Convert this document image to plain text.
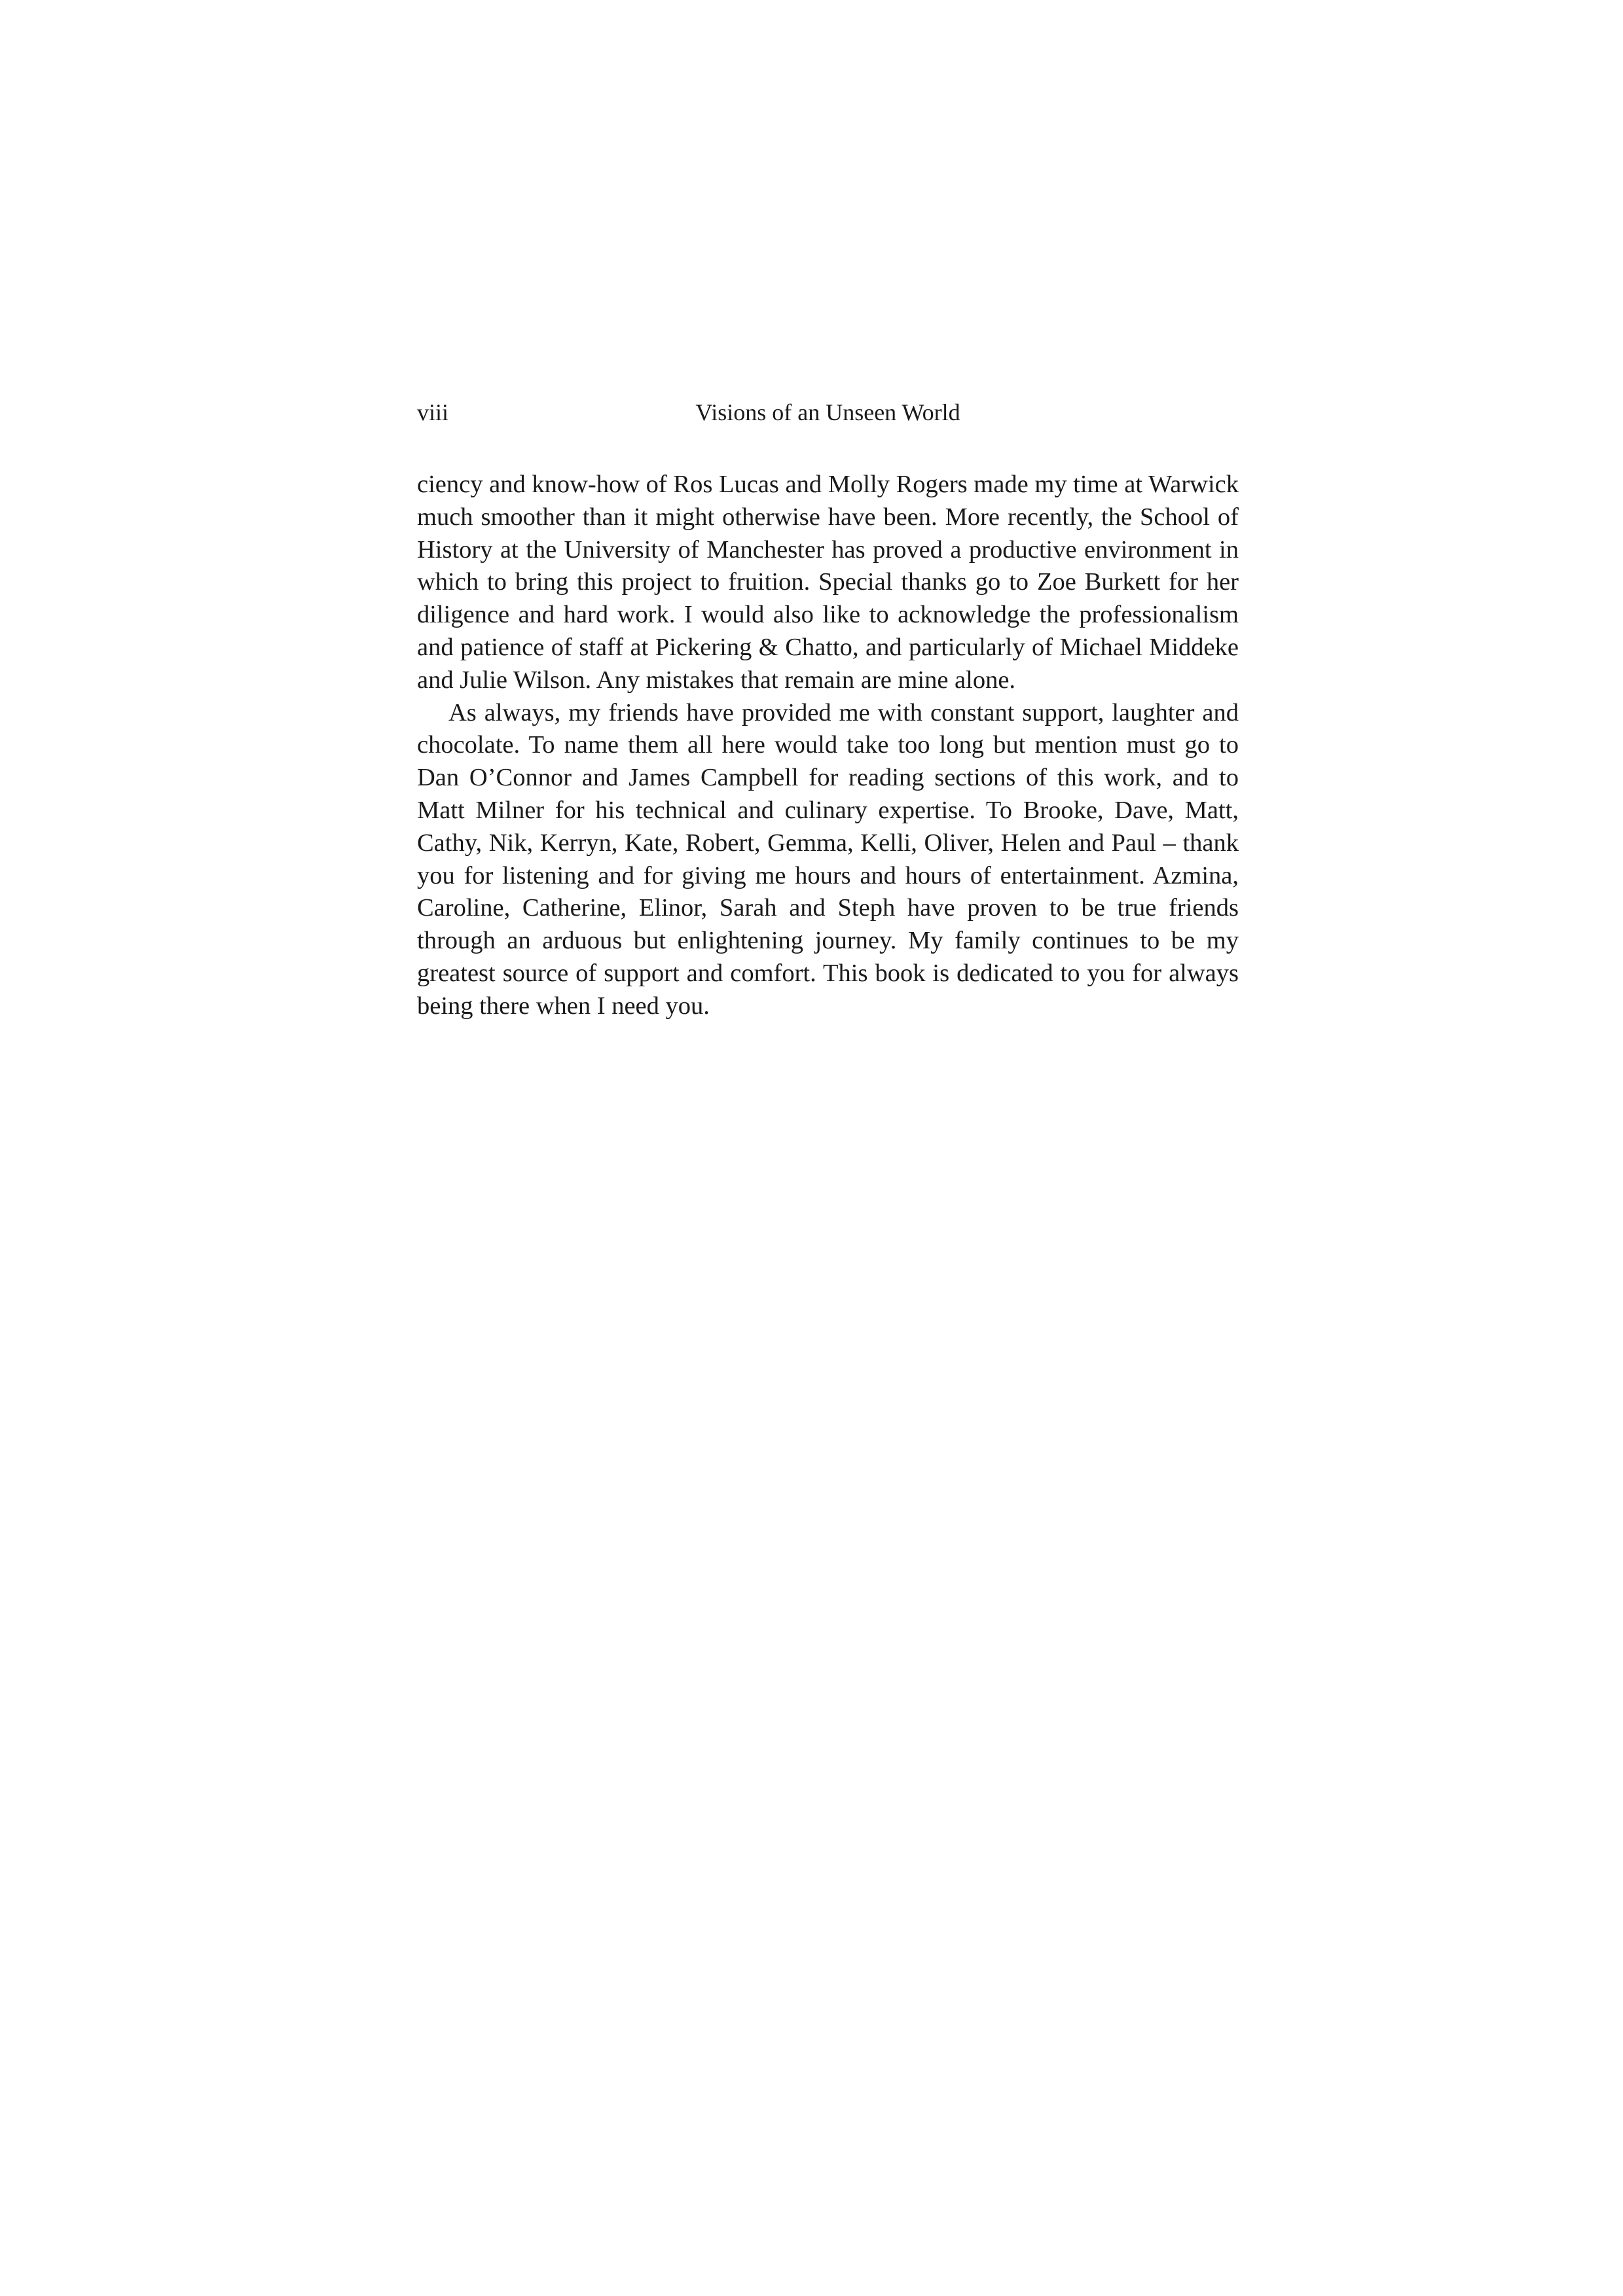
viii	Visions of an Unseen World

ciency and know-how of Ros Lucas and Molly Rogers made my time at Warwick much smoother than it might otherwise have been. More recently, the School of History at the University of Manchester has proved a productive environment in which to bring this project to fruition. Special thanks go to Zoe Burkett for her diligence and hard work. I would also like to acknowledge the professionalism and patience of staff at Pickering & Chatto, and particularly of Michael Middeke and Julie Wilson. Any mistakes that remain are mine alone.

As always, my friends have provided me with constant support, laughter and chocolate. To name them all here would take too long but mention must go to Dan O’Connor and James Campbell for reading sections of this work, and to Matt Milner for his technical and culinary expertise. To Brooke, Dave, Matt, Cathy, Nik, Kerryn, Kate, Robert, Gemma, Kelli, Oliver, Helen and Paul – thank you for listening and for giving me hours and hours of entertainment. Azmina, Caroline, Catherine, Elinor, Sarah and Steph have proven to be true friends through an arduous but enlightening journey. My family continues to be my greatest source of support and comfort. This book is dedicated to you for always being there when I need you.
